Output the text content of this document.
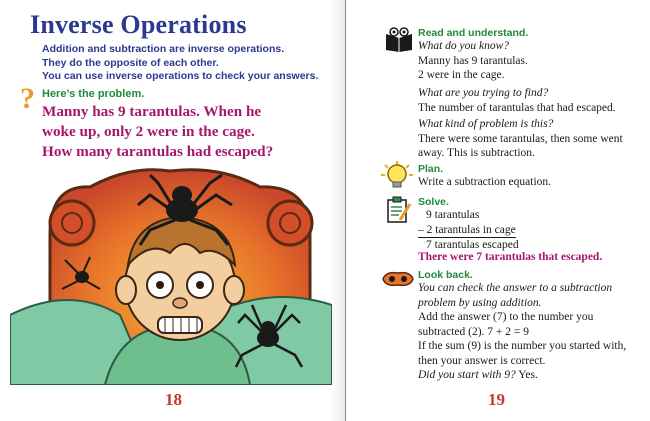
Inverse Operations
Addition and subtraction are inverse operations.
They do the opposite of each other.
You can use inverse operations to check your answers.
? Here’s the problem.
Manny has 9 tarantulas. When he
woke up, only 2 were in the cage.
How many tarantulas had escaped?
18
Read and understand.
What do you know?
Manny has 9 tarantulas.
2 were in the cage.
What are you trying to find?
The number of tarantulas that had escaped.
What kind of problem is this?
There were some tarantulas, then some went
away. This is subtraction.
Plan.
Write a subtraction equation.
Solve.
9 tarantulas
– 2 tarantulas in cage
7 tarantulas escaped
There were 7 tarantulas that escaped.
Look back.
You can check the answer to a subtraction
problem by using addition.
Add the answer (7) to the number you
subtracted (2). 7 + 2 = 9
If the sum (9) is the number you started with,
then your answer is correct.
Did you start with 9? Yes.
19
